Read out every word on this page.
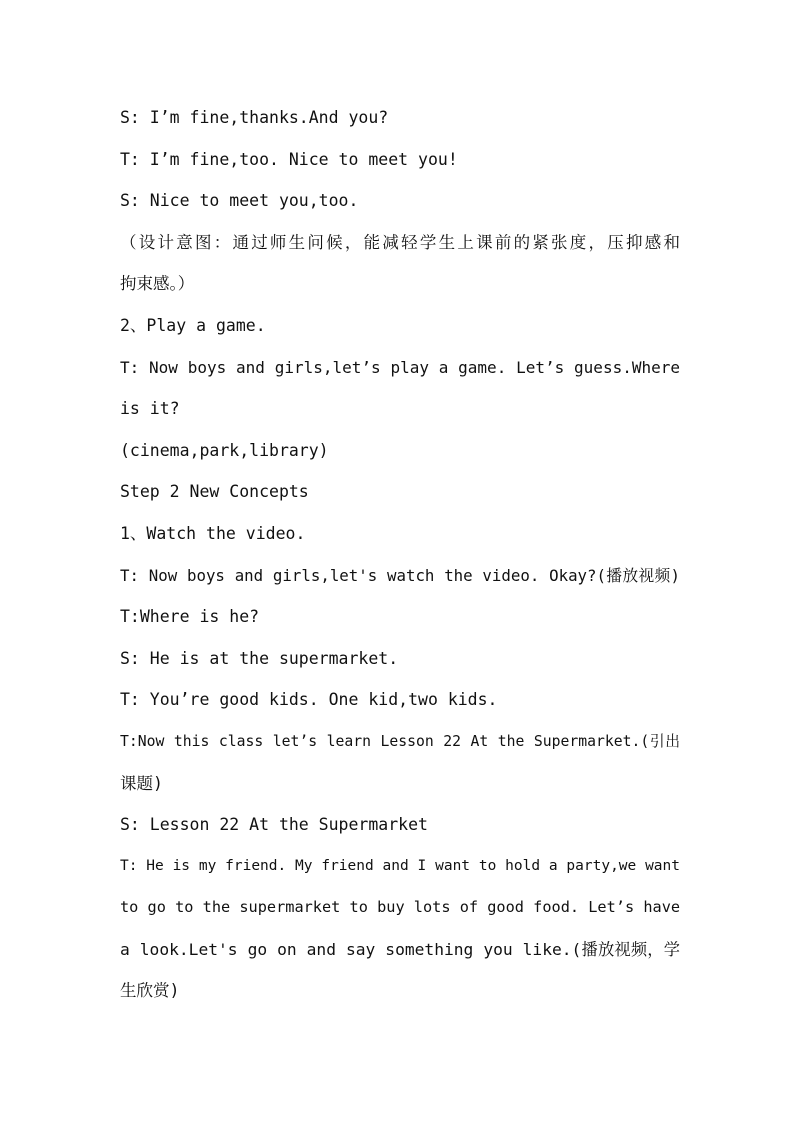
S: I’m fine,thanks.And you?
T: I’m fine,too. Nice to meet you!
S: Nice to meet you,too.
（设计意图：通过师生问候，能减轻学生上课前的紧张度，压抑感和
拘束感。）
2、Play a game.
T: Now boys and girls,let’s play a game. Let’s guess.Where
is it?
(cinema,park,library)
Step 2 New Concepts
1、Watch the video.
T: Now boys and girls,let's watch the video. Okay?(播放视频)
T:Where is he?
S: He is at the supermarket.
T: You’re good kids. One kid,two kids.
T:Now this class let’s learn Lesson 22 At the Supermarket.(引出
课题)
S: Lesson 22 At the Supermarket
T: He is my friend. My friend and I want to hold a party,we want
to go to the supermarket to buy lots of good food. Let’s have
a look.Let's go on and say something you like.(播放视频，学
生欣赏)
